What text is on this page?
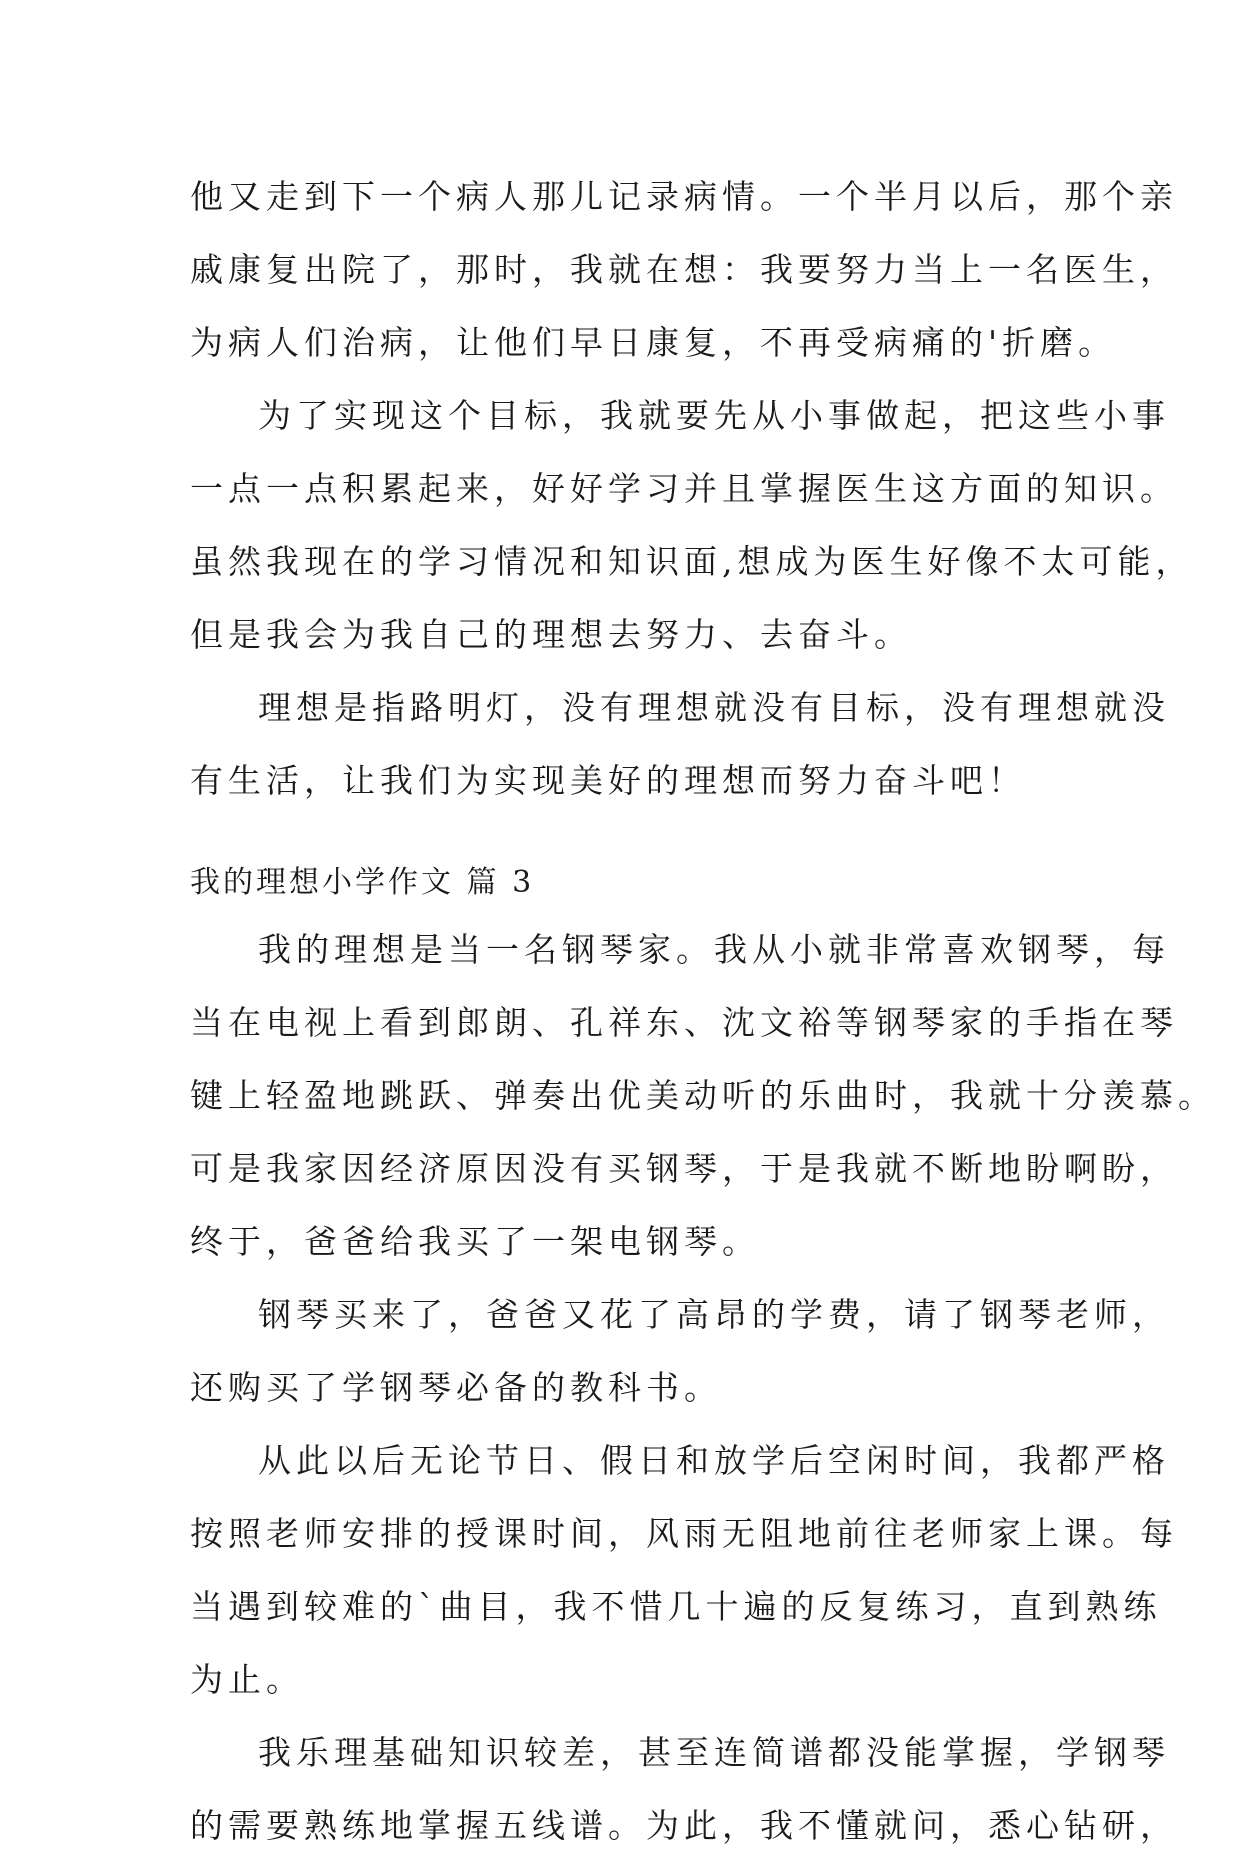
他又走到下一个病人那儿记录病情。一个半月以后，那个亲
戚康复出院了，那时，我就在想：我要努力当上一名医生，
为病人们治病，让他们早日康复，不再受病痛的'折磨。
为了实现这个目标，我就要先从小事做起，把这些小事
一点一点积累起来，好好学习并且掌握医生这方面的知识。
虽然我现在的学习情况和知识面,想成为医生好像不太可能，
但是我会为我自己的理想去努力、去奋斗。
理想是指路明灯，没有理想就没有目标，没有理想就没
有生活，让我们为实现美好的理想而努力奋斗吧！
我的理想小学作文 篇 3
我的理想是当一名钢琴家。我从小就非常喜欢钢琴，每
当在电视上看到郎朗、孔祥东、沈文裕等钢琴家的手指在琴
键上轻盈地跳跃、弹奏出优美动听的乐曲时，我就十分羡慕。
可是我家因经济原因没有买钢琴，于是我就不断地盼啊盼，
终于，爸爸给我买了一架电钢琴。
钢琴买来了，爸爸又花了高昂的学费，请了钢琴老师，
还购买了学钢琴必备的教科书。
从此以后无论节日、假日和放学后空闲时间，我都严格
按照老师安排的授课时间，风雨无阻地前往老师家上课。每
当遇到较难的`曲目，我不惜几十遍的反复练习，直到熟练
为止。
我乐理基础知识较差，甚至连简谱都没能掌握，学钢琴
的需要熟练地掌握五线谱。为此，我不懂就问，悉心钻研，
